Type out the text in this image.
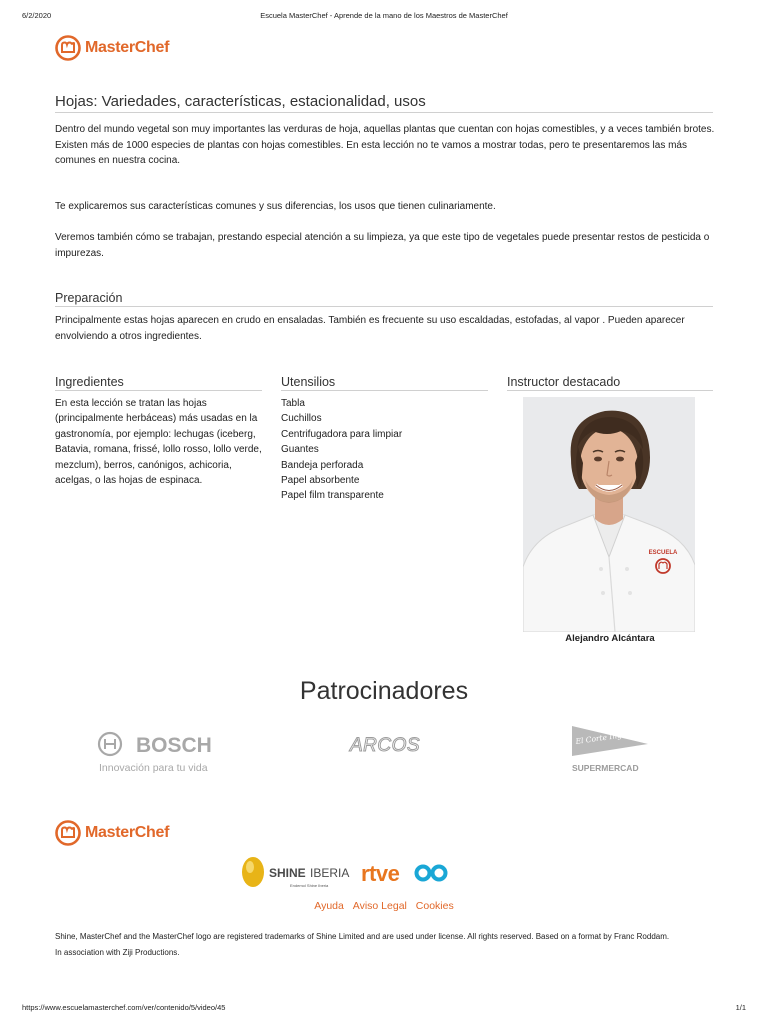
6/2/2020	Escuela MasterChef - Aprende de la mano de los Maestros de MasterChef
MasterChef
Hojas: Variedades, características, estacionalidad, usos
Dentro del mundo vegetal son muy importantes las verduras de hoja, aquellas plantas que cuentan con hojas comestibles, y a veces también brotes.
Existen más de 1000 especies de plantas con hojas comestibles. En esta lección no te vamos a mostrar todas, pero te presentaremos las más comunes en nuestra cocina.
Te explicaremos sus características comunes y sus diferencias, los usos que tienen culinariamente.
Veremos también cómo se trabajan, prestando especial atención a su limpieza, ya que este tipo de vegetales puede presentar restos de pesticida o impurezas.
Preparación
Principalmente estas hojas aparecen en crudo en ensaladas. También es frecuente su uso escaldadas, estofadas, al vapor . Pueden aparecer envolviendo a otros ingredientes.
Ingredientes	Utensilios	Instructor destacado
En esta lección se tratan las hojas (principalmente herbáceas) más usadas en la gastronomía, por ejemplo: lechugas (iceberg, Batavia, romana, frissé, lollo rosso, lollo verde, mezclum), berros, canónigos, achicoria, acelgas, o las hojas de espinaca.
Tabla
Cuchillos
Centrifugadora para limpiar
Guantes
Bandeja perforada
Papel absorbente
Papel film transparente
ESCUELA
Alejandro Alcántara
Patrocinadores
BOSCH
Innovación para tu vida
ARCOS	El Corte Inglés
SUPERMERCAD
MasterChef
SHINE IBERIA
Endemol Shine Iberia rtve
Ayuda Aviso Legal Cookies
Shine, MasterChef and the MasterChef logo are registered trademarks of Shine Limited and are used under license. All rights reserved. Based on a format by Franc Roddam.
In association with Ziji Productions.
https://www.escuelamasterchef.com/ver/contenido/5/video/45	1/1
